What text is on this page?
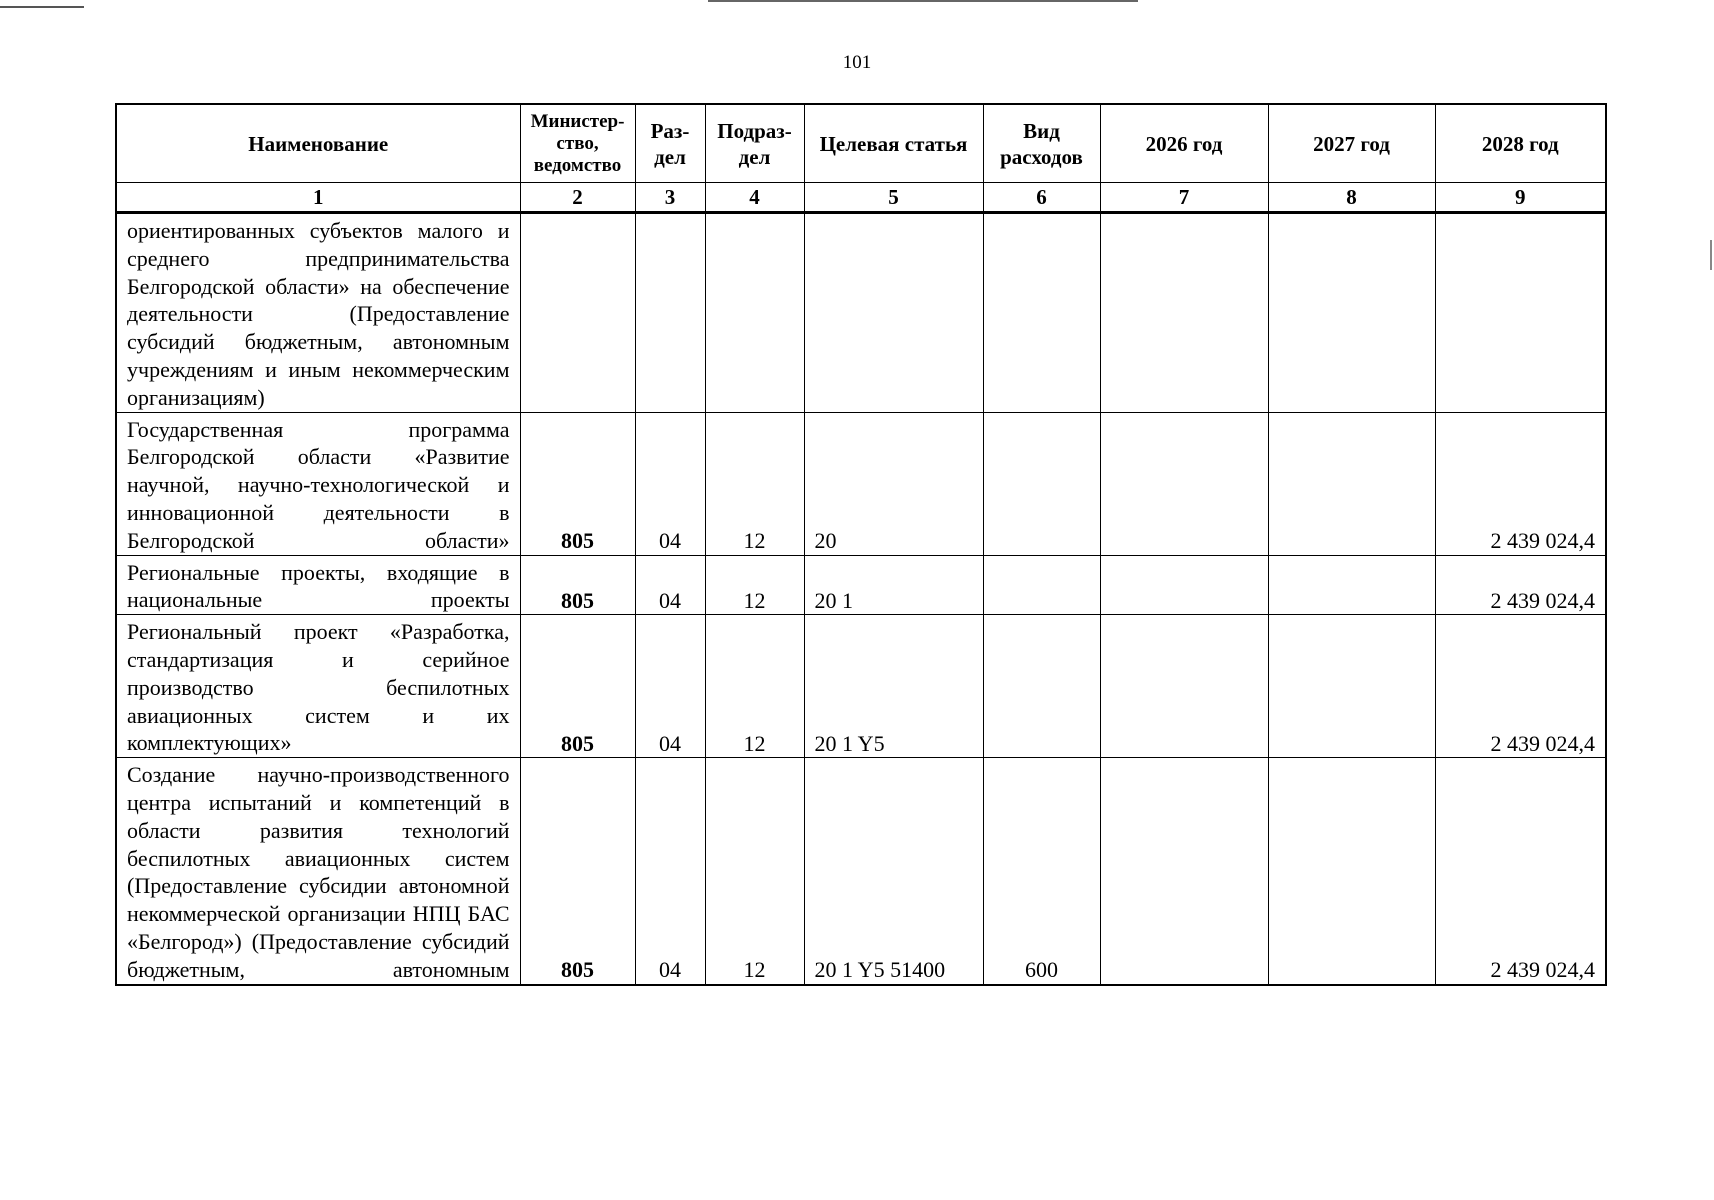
101
Наименование	Министер-ство, ведомство	Раз-дел	Подраз-дел	Целевая статья	Вид расходов	2026 год	2027 год	2028 год
1	2	3	4	5	6	7	8	9
ориентированных субъектов малого и среднего предпринимательства Белгородской области» на обеспечение деятельности (Предоставление субсидий бюджетным, автономным учреждениям и иным некоммерческим организациям)								
Государственная программа Белгородской области «Развитие научной, научно-технологической и инновационной деятельности в Белгородской области»	805	04	12	20				2 439 024,4
Региональные проекты, входящие в национальные проекты	805	04	12	20 1				2 439 024,4
Региональный проект «Разработка, стандартизация и серийное производство беспилотных авиационных систем и их комплектующих»	805	04	12	20 1 Y5				2 439 024,4
Создание научно-производственного центра испытаний и компетенций в области развития технологий беспилотных авиационных систем (Предоставление субсидии автономной некоммерческой организации НПЦ БАС «Белгород») (Предоставление субсидий бюджетным, автономным	805	04	12	20 1 Y5 51400	600			2 439 024,4
